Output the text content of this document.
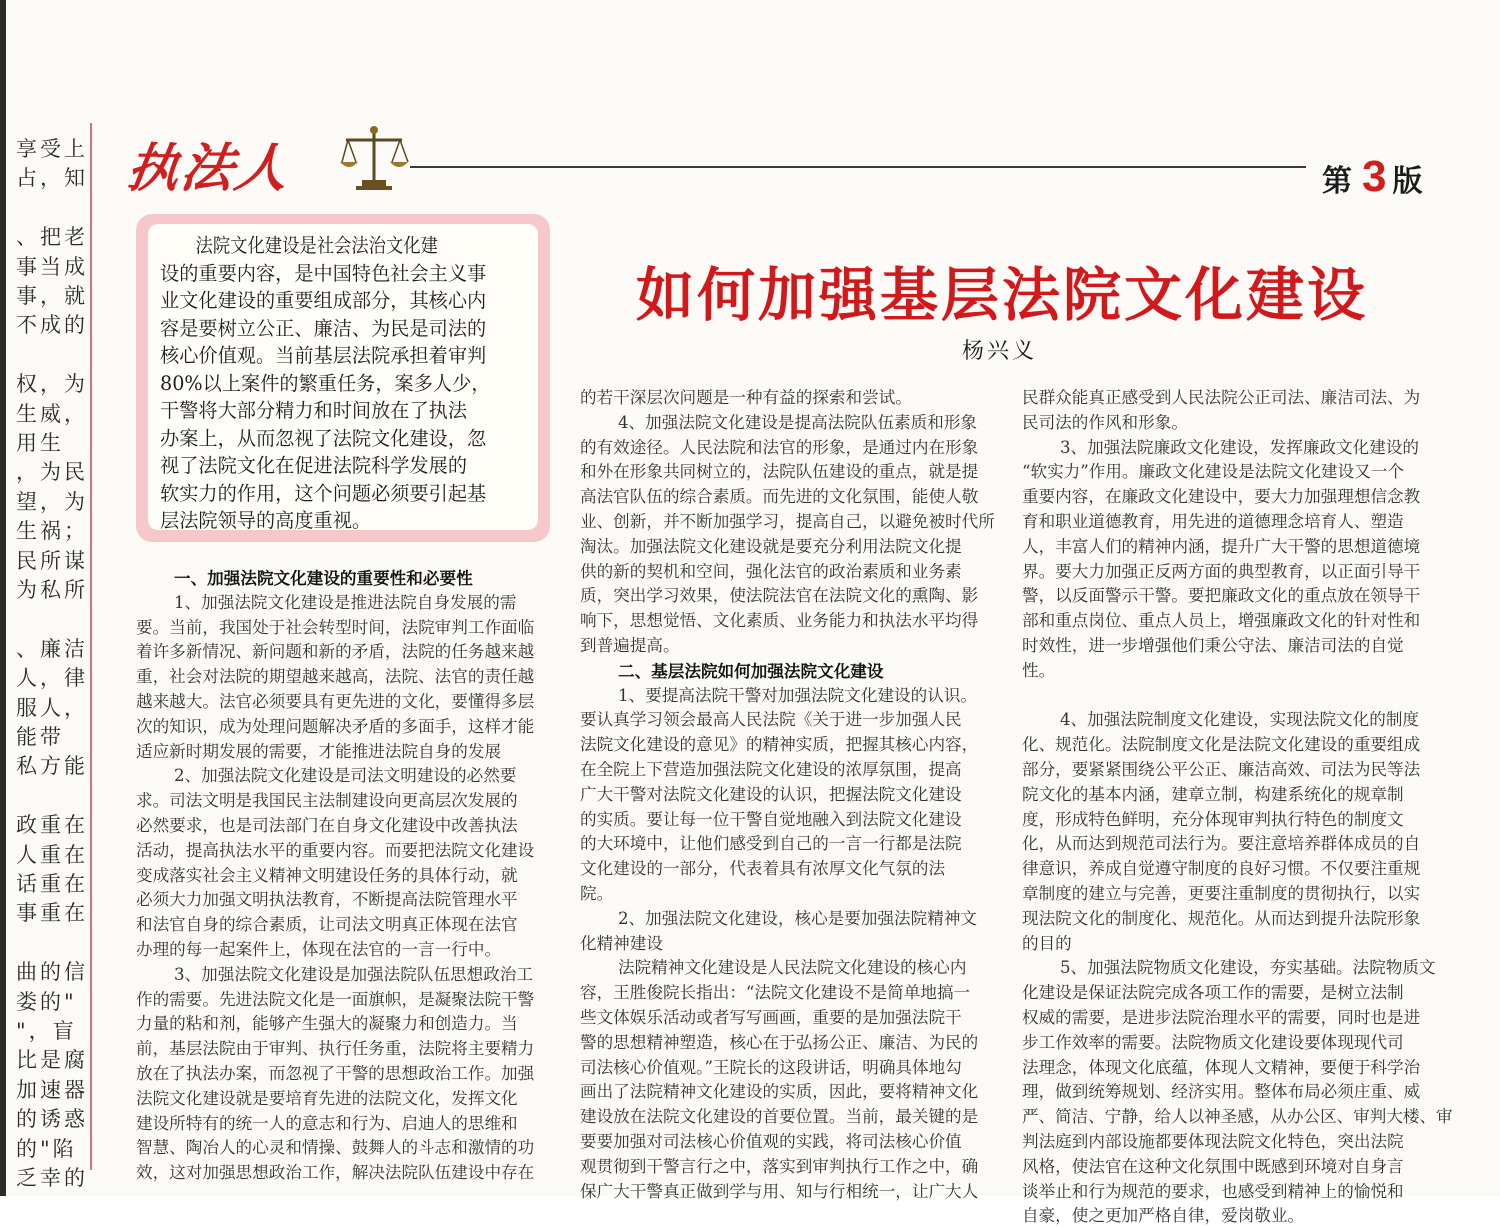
享受上
占，知
、把老
事当成
事，就
不成的
权，为
生威，
用生
，为民
望，为
生祸；
民所谋
为私所
、廉洁
人，律
服人，
能带
私方能
政重在
人重在
话重在
事重在
曲的信
娄的"
"，盲
比是腐
加速器
的诱惑
的"陷
乏幸的
执法人	第 3 版
法院文化建设是社会法治文化建
设的重要内容，是中国特色社会主义事
业文化建设的重要组成部分，其核心内
容是要树立公正、廉洁、为民是司法的
核心价值观。当前基层法院承担着审判
80%以上案件的繁重任务，案多人少，
干警将大部分精力和时间放在了执法
办案上，从而忽视了法院文化建设，忽
视了法院文化在促进法院科学发展的
软实力的作用，这个问题必须要引起基
层法院领导的高度重视。
如何加强基层法院文化建设
杨兴义
一、加强法院文化建设的重要性和必要性
1、加强法院文化建设是推进法院自身发展的需
要。当前，我国处于社会转型时间，法院审判工作面临
着许多新情况、新问题和新的矛盾，法院的任务越来越
重，社会对法院的期望越来越高，法院、法官的责任越
越来越大。法官必须要具有更先进的文化，要懂得多层
次的知识，成为处理问题解决矛盾的多面手，这样才能
适应新时期发展的需要，才能推进法院自身的发展
2、加强法院文化建设是司法文明建设的必然要
求。司法文明是我国民主法制建设向更高层次发展的
必然要求，也是司法部门在自身文化建设中改善执法
活动，提高执法水平的重要内容。而要把法院文化建设
变成落实社会主义精神文明建设任务的具体行动，就
必须大力加强文明执法教育，不断提高法院管理水平
和法官自身的综合素质，让司法文明真正体现在法官
办理的每一起案件上，体现在法官的一言一行中。
3、加强法院文化建设是加强法院队伍思想政治工
作的需要。先进法院文化是一面旗帜，是凝聚法院干警
力量的粘和剂，能够产生强大的凝聚力和创造力。当
前，基层法院由于审判、执行任务重，法院将主要精力
放在了执法办案，而忽视了干警的思想政治工作。加强
法院文化建设就是要培育先进的法院文化，发挥文化
建设所特有的统一人的意志和行为、启迪人的思维和
智慧、陶冶人的心灵和情操、鼓舞人的斗志和激情的功
效，这对加强思想政治工作，解决法院队伍建设中存在
的若干深层次问题是一种有益的探索和尝试。
4、加强法院文化建设是提高法院队伍素质和形象
的有效途径。人民法院和法官的形象，是通过内在形象
和外在形象共同树立的，法院队伍建设的重点，就是提
高法官队伍的综合素质。而先进的文化氛围，能使人敬
业、创新，并不断加强学习，提高自己，以避免被时代所
淘汰。加强法院文化建设就是要充分利用法院文化提
供的新的契机和空间，强化法官的政治素质和业务素
质，突出学习效果，使法院法官在法院文化的熏陶、影
响下，思想觉悟、文化素质、业务能力和执法水平均得
到普遍提高。
二、基层法院如何加强法院文化建设
1、要提高法院干警对加强法院文化建设的认识。
要认真学习领会最高人民法院《关于进一步加强人民
法院文化建设的意见》的精神实质，把握其核心内容，
在全院上下营造加强法院文化建设的浓厚氛围，提高
广大干警对法院文化建设的认识，把握法院文化建设
的实质。要让每一位干警自觉地融入到法院文化建设
的大环境中，让他们感受到自己的一言一行都是法院
文化建设的一部分，代表着具有浓厚文化气氛的法
院。
2、加强法院文化建设，核心是要加强法院精神文
化精神建设
法院精神文化建设是人民法院文化建设的核心内
容，王胜俊院长指出：“法院文化建设不是简单地搞一
些文体娱乐活动或者写写画画，重要的是加强法院干
警的思想精神塑造，核心在于弘扬公正、廉洁、为民的
司法核心价值观。”王院长的这段讲话，明确具体地勾
画出了法院精神文化建设的实质，因此，要将精神文化
建设放在法院文化建设的首要位置。当前，最关键的是
要要加强对司法核心价值观的实践，将司法核心价值
观贯彻到干警言行之中，落实到审判执行工作之中，确
保广大干警真正做到学与用、知与行相统一，让广大人
民群众能真正感受到人民法院公正司法、廉洁司法、为
民司法的作风和形象。
3、加强法院廉政文化建设，发挥廉政文化建设的
“软实力”作用。廉政文化建设是法院文化建设又一个
重要内容，在廉政文化建设中，要大力加强理想信念教
育和职业道德教育，用先进的道德理念培育人、塑造
人，丰富人们的精神内涵，提升广大干警的思想道德境
界。要大力加强正反两方面的典型教育，以正面引导干
警，以反面警示干警。要把廉政文化的重点放在领导干
部和重点岗位、重点人员上，增强廉政文化的针对性和
时效性，进一步增强他们秉公守法、廉洁司法的自觉
性。
4、加强法院制度文化建设，实现法院文化的制度
化、规范化。法院制度文化是法院文化建设的重要组成
部分，要紧紧围绕公平公正、廉洁高效、司法为民等法
院文化的基本内涵，建章立制，构建系统化的规章制
度，形成特色鲜明，充分体现审判执行特色的制度文
化，从而达到规范司法行为。要注意培养群体成员的自
律意识，养成自觉遵守制度的良好习惯。不仅要注重规
章制度的建立与完善，更要注重制度的贯彻执行，以实
现法院文化的制度化、规范化。从而达到提升法院形象
的目的
5、加强法院物质文化建设，夯实基础。法院物质文
化建设是保证法院完成各项工作的需要，是树立法制
权威的需要，是进步法院治理水平的需要，同时也是进
步工作效率的需要。法院物质文化建设要体现现代司
法理念，体现文化底蕴，体现人文精神，要便于科学治
理，做到统筹规划、经济实用。整体布局必须庄重、威
严、简洁、宁静，给人以神圣感，从办公区、审判大楼、审
判法庭到内部设施都要体现法院文化特色，突出法院
风格，使法官在这种文化氛围中既感到环境对自身言
谈举止和行为规范的要求，也感受到精神上的愉悦和
自豪，使之更加严格自律，爱岗敬业。
